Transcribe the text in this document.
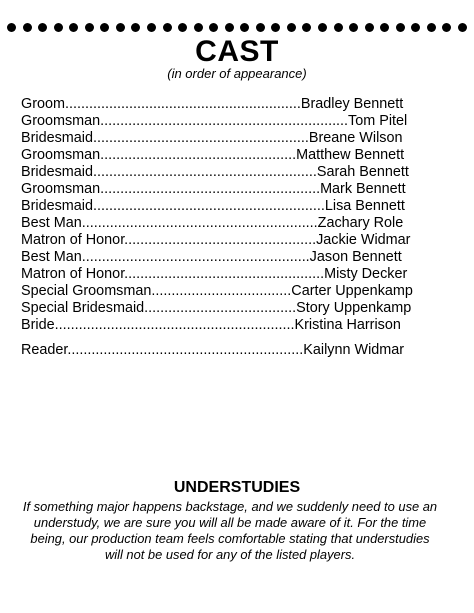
CAST
(in order of appearance)
Groom...........................................................Bradley Bennett
Groomsman..............................................................Tom Pitel
Bridesmaid......................................................Breane Wilson
Groomsman.................................................Matthew Bennett
Bridesmaid........................................................Sarah Bennett
Groomsman.......................................................Mark Bennett
Bridesmaid..........................................................Lisa Bennett
Best Man...........................................................Zachary Role
Matron of Honor................................................Jackie Widmar
Best Man.........................................................Jason Bennett
Matron of Honor..................................................Misty Decker
Special Groomsman...................................Carter Uppenkamp
Special Bridesmaid......................................Story Uppenkamp
Bride............................................................Kristina Harrison
Reader...........................................................Kailynn Widmar
UNDERSTUDIES
If something major happens backstage, and we suddenly need to use an understudy, we are sure you will all be made aware of it. For the time being, our production team feels comfortable stating that understudies will not be used for any of the listed players.
